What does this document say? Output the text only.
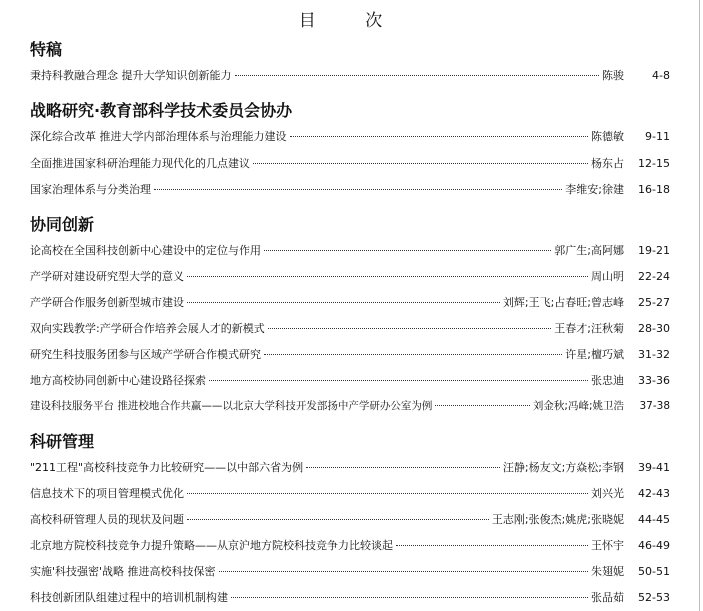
目 次
特稿
秉持科教融合理念 提升大学知识创新能力	陈骏	4-8
战略研究·教育部科学技术委员会协办
深化综合改革 推进大学内部治理体系与治理能力建设	陈德敏	9-11
全面推进国家科研治理能力现代化的几点建议	杨东占	12-15
国家治理体系与分类治理	李维安;徐建	16-18
协同创新
论高校在全国科技创新中心建设中的定位与作用	郭广生;高阿娜	19-21
产学研对建设研究型大学的意义	周山明	22-24
产学研合作服务创新型城市建设	刘辉;王飞;占春旺;曾志峰	25-27
双向实践教学:产学研合作培养会展人才的新模式	王春才;汪秋菊	28-30
研究生科技服务团参与区域产学研合作模式研究	许星;檀巧斌	31-32
地方高校协同创新中心建设路径探索	张忠迪	33-36
建设科技服务平台 推进校地合作共赢——以北京大学科技开发部扬中产学研办公室为例	刘金秋;冯峰;姚卫浩	37-38
科研管理
"211工程"高校科技竞争力比较研究——以中部六省为例	汪静;杨友文;方焱松;李钢	39-41
信息技术下的项目管理模式优化	刘兴光	42-43
高校科研管理人员的现状及问题	王志刚;张俊杰;姚虎;张晓妮	44-45
北京地方院校科技竞争力提升策略——从京沪地方院校科技竞争力比较谈起	王怀宇	46-49
实施'科技强密'战略 推进高校科技保密	朱翅妮	50-51
科技创新团队组建过程中的培训机制构建	张品茹	52-53
